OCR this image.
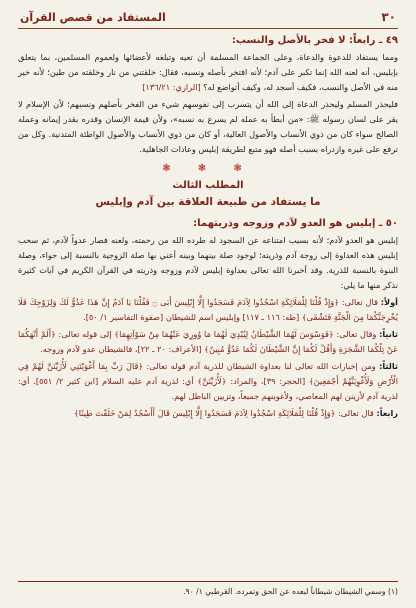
٣٠
المستفاد من قصص القرآن
٤٩ ـ رابعاً: لا فخر بالأصل والنسب:

ومما يستفاد للدعوة والدعاة، وعلى الجماعة المسلمة أن تعيه وتبلغه لأعضائها ولعموم المسلمين، بما يتعلق بإبليس، أنه لعنه الله إنما تكبر على آدم؛ لأنه افتخر بأصله ونسبه، فقال: خلقتني من نار وخلقته من طين؛ لأنه خير منه في الأصل والنسب، فكيف أسجد له، وكيف أتواضع له؟ [الرازي: ١٣٦/٢١]

فليحذر المسلم وليحذر الدعاة إلى الله أن يتسرب إلى نفوسهم شيء من الفخر بأصلهم ونسبهم؛ لأن الإسلام لا يقر على لسان رسوله ﷺ: «من أبطأ به عمله لم يسرع به نسبه»، ولأن قيمة الإنسان وقدره بقدر إيمانه وعمله الصالح سواء كان من ذوي الأنساب والأصول العالية، أو كان من ذوي الأنساب والأصول الواطئة المتدنية. وكل من ترفع على غيره وازدراه بسبب أصله فهو متبع لطريقة إبليس وعادات الجاهلية.

❃ ❃ ❃
المطلب الثالث
ما يستفاد من طبيعة العلاقة بين آدم وإبليس
٥٠ ـ إبليس هو العدو لآدم وزوجه وذريتهما:

إبليس هو العدو لآدم؛ لأنه بسبب امتناعه عن السجود له طرده الله من رحمته، ولعنه فصار عدواً لآدم، ثم سحب إبليس هذه العداوة إلى زوجة آدم وذريته؛ لوجود صلة بينهما وبينه أعني بها صلة الزوجية بالنسبة إلى حواء، وصلة البنوة بالنسبة للذرية. وقد أخبرنا الله تعالى بعداوة إبليس لآدم وزوجه وذريته في القرآن الكريم في آيات كثيرة نذكر منها ما يلي:

أولاً: قال تعالى: ﴿وَإِذْ قُلْنَا لِلْمَلَائِكَةِ اسْجُدُوا لِآدَمَ فَسَجَدُوا إِلَّا إِبْلِيسَ أَبَى ۝ فَقُلْنَا يَا آدَمُ إِنَّ هَذَا عَدُوٌّ لَكَ وَلِزَوْجِكَ فَلَا يُخْرِجَنَّكُمَا مِنَ الْجَنَّةِ فَتَشْقَى﴾ [طه: ١١٦ ـ ١١٧] وإبليس اسم للشيطان [صفوة التفاسير ١/ ٥٠].

ثانياً: وقال تعالى: ﴿فَوَسْوَسَ لَهُمَا الشَّيْطَانُ لِيُبْدِيَ لَهُمَا مَا وُورِيَ عَنْهُمَا مِنْ سَوْآتِهِمَا﴾ إلى قوله تعالى: ﴿أَلَمْ أَنْهَكُمَا عَنْ تِلْكُمَا الشَّجَرَةِ وَأَقُلْ لَكُمَا إِنَّ الشَّيْطَانَ لَكُمَا عَدُوٌّ مُبِينٌ﴾ [الأعراف: ٢٠ ـ ٢٢]، فالشيطان عدو لآدم وزوجه.

ثالثاً: ومن إخبارات الله تعالى لنا بعداوة الشيطان للذرية آدم قوله تعالى: ﴿قَالَ رَبِّ بِمَا أَغْوَيْتَنِي لَأُزَيِّنَنَّ لَهُمْ فِي الْأَرْضِ وَلَأُغْوِيَنَّهُمْ أَجْمَعِينَ﴾ [الحجر: ٣٩]، والمراد: ﴿لَأُزَيِّنَنَّ﴾ أي: لذرية آدم عليه السلام [ابن كثير ٢/ ٥٥١]. أي: لذرية آدم لأزينن لهم المعاصي، ولأغوينهم جميعاً، وتزيين الباطل لهم.

رابعاً: قال تعالى: ﴿وَإِذْ قُلْنَا لِلْمَلَائِكَةِ اسْجُدُوا لِآدَمَ فَسَجَدُوا إِلَّا إِبْلِيسَ قَالَ أَأَسْجُدُ لِمَنْ خَلَقْتَ طِينًا﴾

(١) وسمي الشيطان شيطاناً لبعده عن الحق وتمرده. القرطبي ١/ ٩٠.
